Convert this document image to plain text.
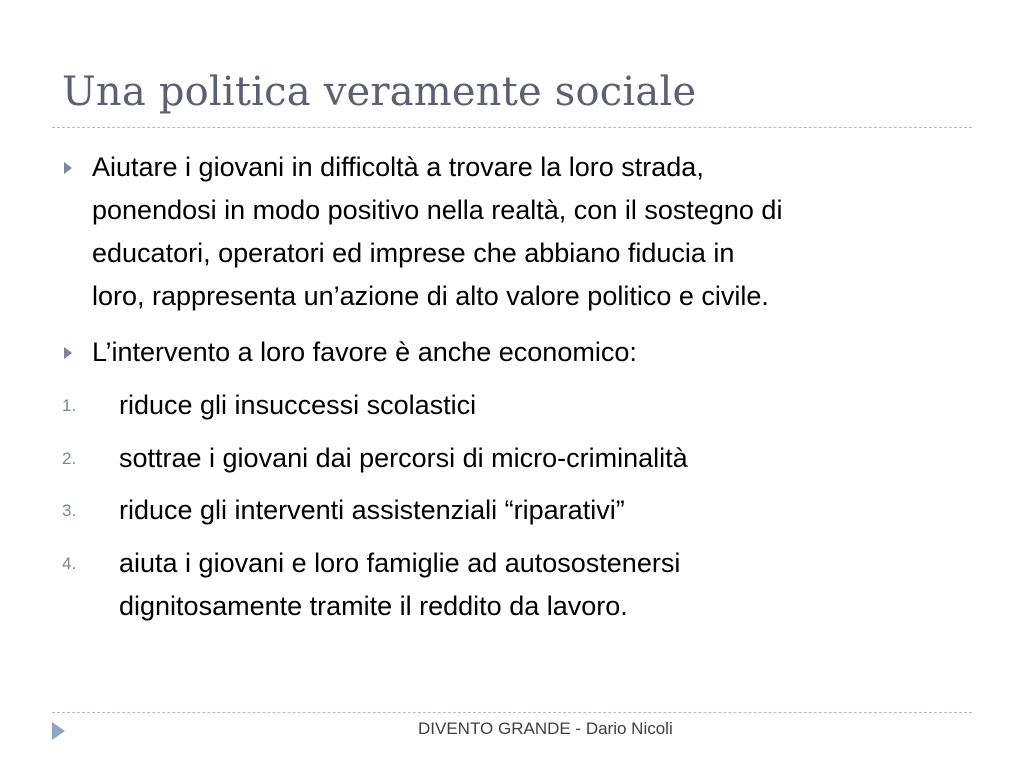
Una politica veramente sociale
Aiutare i giovani in difficoltà a trovare la loro strada,
ponendosi in modo positivo nella realtà, con il sostegno di
educatori, operatori ed imprese che abbiano fiducia in
loro, rappresenta un’azione di alto valore politico e civile.
L’intervento a loro favore è anche economico:
1. riduce gli insuccessi scolastici
2. sottrae i giovani dai percorsi di micro-criminalità
3. riduce gli interventi assistenziali “riparativi”
4. aiuta i giovani e loro famiglie ad autosostenersi
dignitosamente tramite il reddito da lavoro.
DIVENTO GRANDE - Dario Nicoli
